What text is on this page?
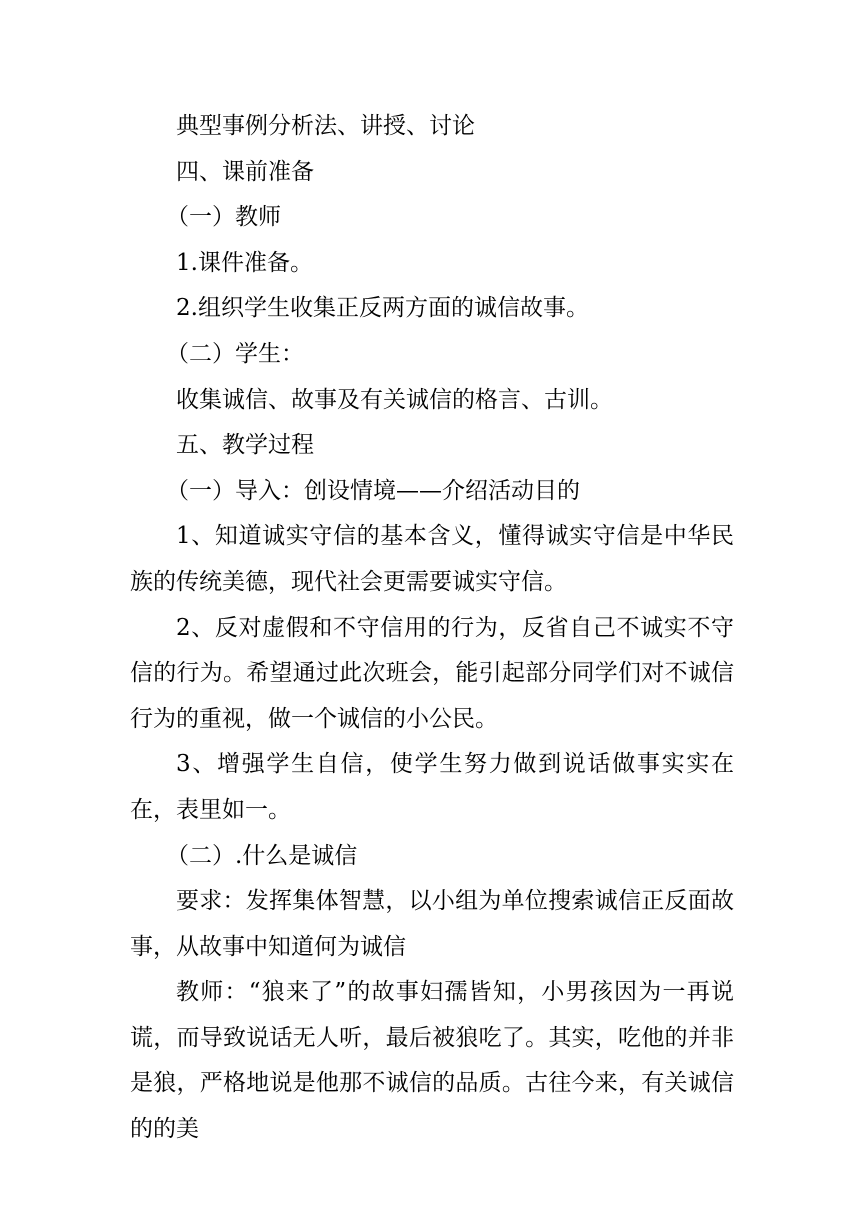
典型事例分析法、讲授、讨论

四、课前准备

（一）教师

1.课件准备。

2.组织学生收集正反两方面的诚信故事。

（二）学生：

收集诚信、故事及有关诚信的格言、古训。

五、教学过程

（一）导入：创设情境——介绍活动目的

1、知道诚实守信的基本含义，懂得诚实守信是中华民族的传统美德，现代社会更需要诚实守信。

2、反对虚假和不守信用的行为，反省自己不诚实不守信的行为。希望通过此次班会，能引起部分同学们对不诚信行为的重视，做一个诚信的小公民。

3、增强学生自信，使学生努力做到说话做事实实在在，表里如一。

（二）.什么是诚信

要求：发挥集体智慧，以小组为单位搜索诚信正反面故事，从故事中知道何为诚信

教师：“狼来了”的故事妇孺皆知，小男孩因为一再说谎，而导致说话无人听，最后被狼吃了。其实，吃他的并非是狼，严格地说是他那不诚信的品质。古往今来，有关诚信的的美
